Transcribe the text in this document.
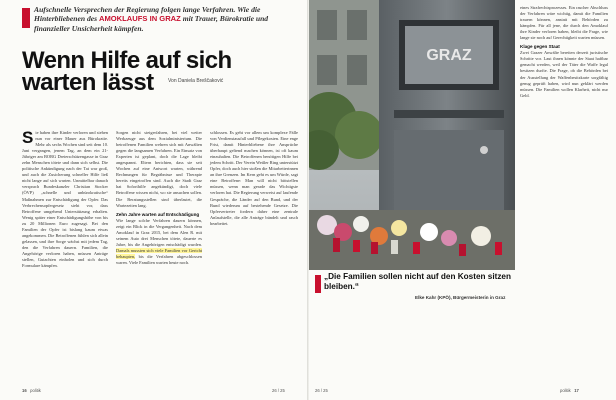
Aufschnelle Versprechen der Regierung folgen lange Verfahren. Wie die Hinterbliebenen des AMOKLAUFS IN GRAZ mit Trauer, Bürokratie und finanzieller Unsicherheit kämpfen.
Wenn Hilfe auf sich warten lässt	Von Daniela Breščaković
Sie haben ihre Kinder verloren und stehen nun vor einer Mauer aus Bürokratie. Mehr als sechs Wochen sind seit dem 10. Juni vergangen, jenem Tag, an dem ein 21-Jähriger am BORG Dreierschützengasse in Graz zehn Menschen tötete und dann sich selbst. Die politische Ankündigung nach der Tat war groß, und auch die Zusicherung schneller Hilfe ließ nicht lange auf sich warten. Unmittelbar danach versprach Bundeskanzler Christian Stocker (ÖVP) „schnelle und unbürokratische“ Maßnahmen zur Entschädigung der Opfer. Das Verbrechensopfergesetz sieht vor, dass Betroffene umgehend Unterstützung erhalten. Wenig später einer Entschädigungshöhe von bis zu 20 Millionen Euro zugesagt. Bei den Familien der Opfer ist bislang kaum etwas angekommen. Die Betroffenen fühlen sich allein gelassen, und ihre Sorge wächst mit jedem Tag, den die Verfahren dauern. Familien, die Angehörige verloren haben, müssen Anträge stellen, Gutachten einholen und sich durch Formulare kämpfen.
Sorgen nicht steigerfahren, bei viel weiter Werkzeuge aus dem Sozialministerium. Die betroffenen Familien wehren sich mit Anwälten gegen die langsamen Verfahren. Ein Einsatz von Experten ist geplant, doch die Lage bleibt angespannt. Eltern berichten, dass sie seit Wochen auf eine Antwort warten, während Rechnungen für Begräbnisse und Therapie bereits eingetroffen sind. Auch die Stadt Graz hat Soforthilfe angekündigt, doch viele Betroffene wissen nicht, wo sie ansuchen sollen. Die Beratungsstellen sind überlastet, die Wartezeiten lang.
Zehn Jahre warten auf Entschädigung
Wie lange solche Verfahren dauern können, zeigt ein Blick in die Vergangenheit. Nach dem Amoklauf in Graz 2015, bei dem Alen R. mit seinem Auto drei Menschen tötete, dauerte es Jahre, bis die Angehörigen entschädigt wurden. Damals mussten sich viele Familien vor Gericht behaupten, bis die Verfahren abgeschlossen waren. Viele Familien warten heute noch.
schlossen. Es geht vor allem um komplexe Fälle von Verdienstausfall und Pflegekosten. Eine enge Frist, damit Hinterbliebene ihre Ansprüche überhaupt geltend machen können, ist oft kaum einzuhalten. Die Betroffenen benötigen Hilfe bei jedem Schritt. Der Verein Weißer Ring unterstützt Opfer, doch auch hier stoßen die Mitarbeiterinnen an ihre Grenzen. Im Kern geht es um Würde, sagt eine Betroffene: Man will nicht bittstellen müssen, wenn man gerade das Wichtigste verloren hat. Die Regierung verweist auf laufende Gespräche, die Länder auf den Bund, und der Bund wiederum auf bestehende Gesetze. Die Opfervertreter fordern daher eine zentrale Anlaufstelle, die alle Anträge bündelt und rasch bearbeitet.
16 politik	26 / 25
GRAZ
„Die Familien sollen nicht auf den Kosten sitzen bleiben.“
Elke Kahr (KPÖ), Bürgermeisterin in Graz
eines Strafrechtsprozesses. Ein rascher Abschluss der Verfahren wäre wichtig, damit die Familien trauern können, anstatt mit Behörden zu kämpfen. Für all jene, die durch den Amoklauf ihre Kinder verloren haben, bleibt die Frage, wie lange sie noch auf Gerechtigkeit warten müssen.
Klage gegen Staat
Zwei Grazer Anwälte bereiten derzeit juristische Schritte vor. Laut ihnen könnte der Staat haftbar gemacht werden, weil der Täter die Waffe legal besitzen durfte. Die Frage, ob die Behörden bei der Ausstellung der Waffenbesitzkarte sorgfältig genug geprüft haben, wird nun geklärt werden müssen. Die Familien wollen Klarheit, nicht nur Geld.
26 / 25	politik 17
